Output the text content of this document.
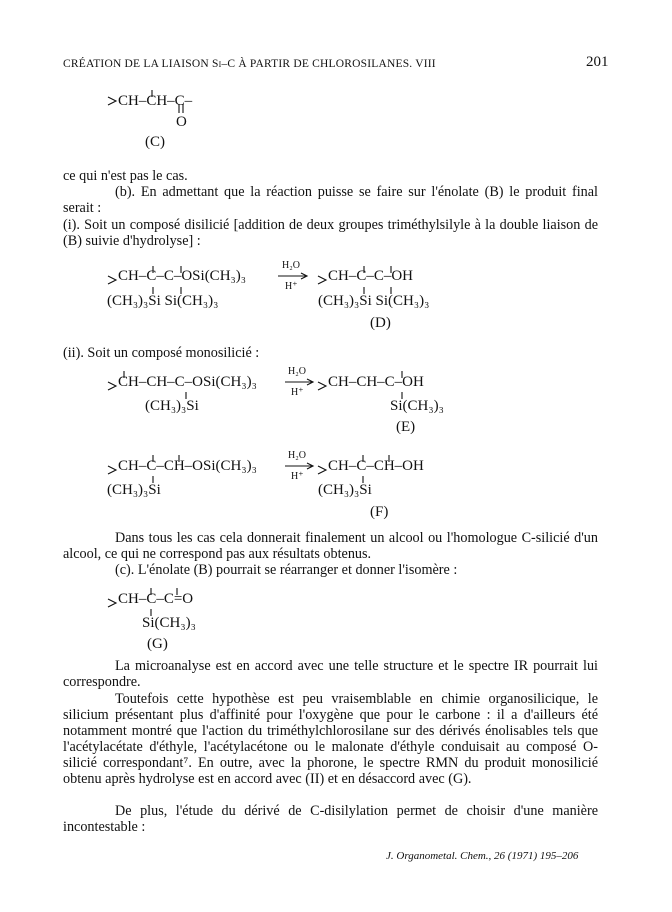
CRÉATION DE LA LIAISON Si–C À PARTIR DE CHLOROSILANES. VIII	201
CH–CH–C–
O
(C)
ce qui n'est pas le cas.
(b). En admettant que la réaction puisse se faire sur l'énolate (B) le produit final serait :
(i). Soit un composé disilicié [addition de deux groupes triméthylsilyle à la double liaison de (B) suivie d'hydrolyse] :
CH–C–C–OSi(CH₃)₃
(CH₃)₃Si Si(CH₃)₃
H₂O
H⁺
CH–C–C–OH
(CH₃)₃Si Si(CH₃)₃
(D)
(ii). Soit un composé monosilicié :
CH–CH–C–OSi(CH₃)₃
(CH₃)₃Si
H₂O
H⁺
CH–CH–C–OH
Si(CH₃)₃
(E)
CH–C–CH–OSi(CH₃)₃
(CH₃)₃Si
H₂O
H⁺
CH–C–CH–OH
(CH₃)₃Si
(F)
Dans tous les cas cela donnerait finalement un alcool ou l'homologue C-silicié d'un alcool, ce qui ne correspond pas aux résultats obtenus.
(c). L'énolate (B) pourrait se réarranger et donner l'isomère :
CH–C–C=O
Si(CH₃)₃
(G)
La microanalyse est en accord avec une telle structure et le spectre IR pourrait lui correspondre.
Toutefois cette hypothèse est peu vraisemblable en chimie organosilicique, le silicium présentant plus d'affinité pour l'oxygène que pour le carbone : il a d'ailleurs été notamment montré que l'action du triméthylchlorosilane sur des dérivés énolisables tels que l'acétylacétate d'éthyle, l'acétylacétone ou le malonate d'éthyle conduisait au composé O-silicié correspondant⁷. En outre, avec la phorone, le spectre RMN du produit monosilicié obtenu après hydrolyse est en accord avec (II) et en désaccord avec (G).
De plus, l'étude du dérivé de C-disilylation permet de choisir d'une manière incontestable :
J. Organometal. Chem., 26 (1971) 195–206
